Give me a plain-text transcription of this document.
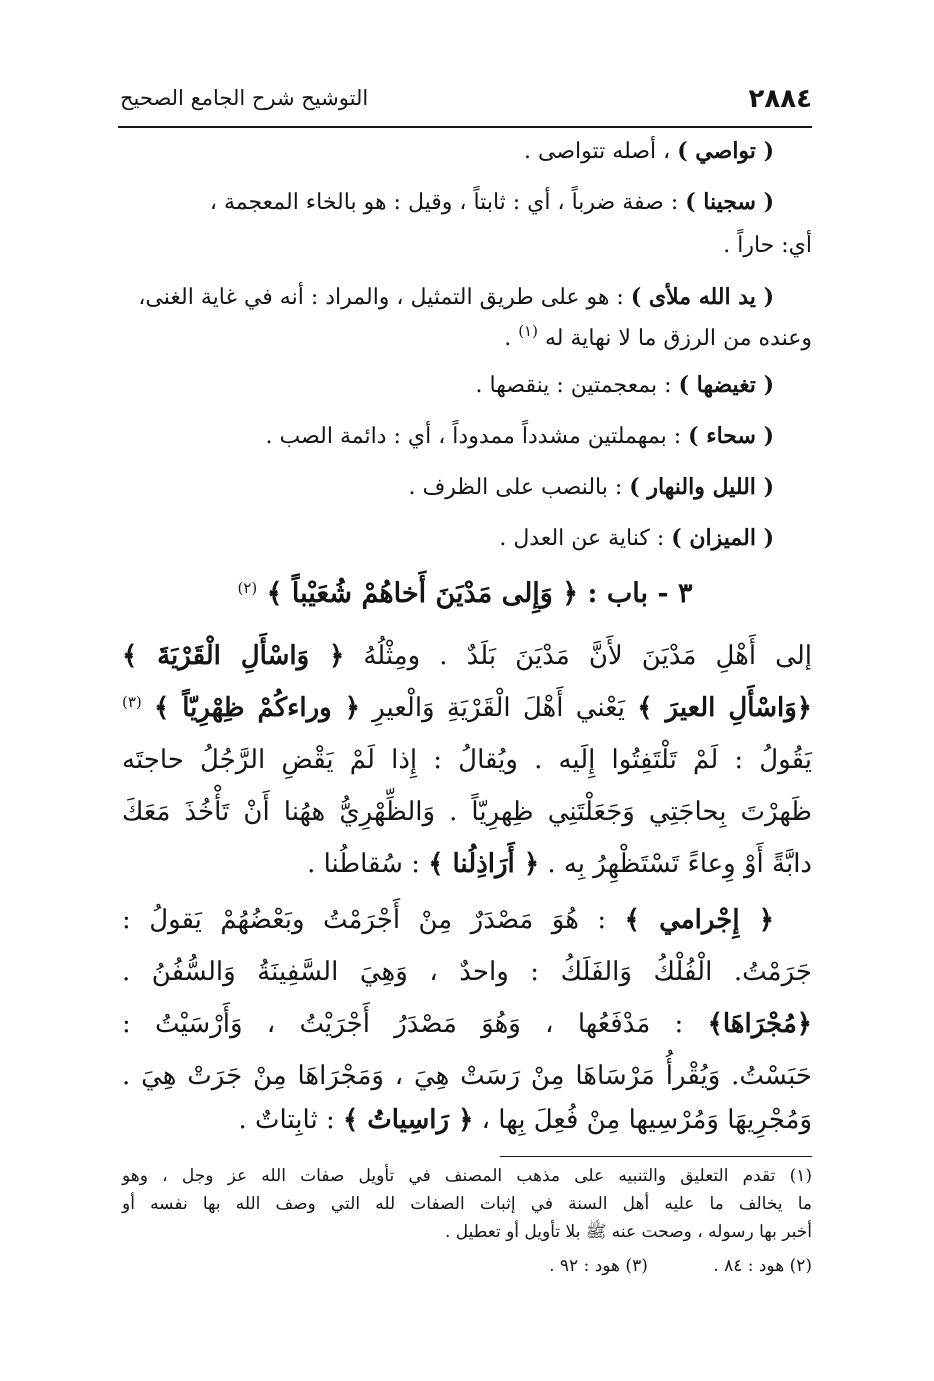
٢٨٨٤
التوشيح شرح الجامع الصحيح

( تواصي ) ، أصله تتواصى .

( سجينا ) : صفة ضرباً ، أي : ثابتاً ، وقيل : هو بالخاء المعجمة ،

أي: حاراً .

( يد الله ملأى ) : هو على طريق التمثيل ، والمراد : أنه في غاية الغنى،

وعنده من الرزق ما لا نهاية له $^{(١)}$ .

( تغيضها ) : بمعجمتين : ينقصها .

( سحاء ) : بمهملتين مشدداً ممدوداً ، أي : دائمة الصب .

( الليل والنهار ) : بالنصب على الظرف .

( الميزان ) : كناية عن العدل .

٣ - باب : ﴿ وَإِلى مَدْيَنَ أَخاهُمْ شُعَيْباً ﴾ $^{(٢)}$

إلى أَهْلِ مَدْيَنَ لأَنَّ مَدْيَنَ بَلَدٌ . ومِثْلُهُ ﴿ وَاسْأَلِ الْقَرْيَةَ ﴾

﴿وَاسْأَلِ العيرَ ﴾ يَعْني أَهْلَ الْقَرْيَةِ وَالْعيرِ ﴿ وراءكُمْ ظِهْرِيّاً ﴾ $^{(٣)}$

يَقُولُ : لَمْ تَلْتَفِتُوا إِلَيه . ويُقالُ : إِذا لَمْ يَقْضِ الرَّجُلُ حاجتَه

ظَهرْتَ بِحاجَتِي وَجَعَلْتَنِي ظِهرِيّاً . وَالظِّهْرِيُّ ههُنا أَنْ تَأْخُذَ مَعَكَ

دابَّةً أَوْ وِعاءً تَسْتَظْهِرُ بِه . ﴿ أَرَاذِلُنا ﴾ : سُقاطُنا .

﴿ إِجْرامي ﴾ : هُوَ مَصْدَرٌ مِنْ أَجْرَمْتُ وبَعْضُهُمْ يَقولُ :

جَرَمْتُ. الْفُلْكُ وَالفَلَكُ : واحدٌ ، وَهِيَ السَّفِينَةُ وَالسُّفُنُ .

﴿مُجْرَاهَا﴾ : مَدْفَعُها ، وَهُوَ مَصْدَرُ أَجْرَيْتُ ، وَأَرْسَيْتُ :

حَبَسْتُ. وَيُقْرأُ مَرْسَاهَا مِنْ رَسَتْ هِيَ ، وَمَجْرَاهَا مِنْ جَرَتْ هِيَ .

وَمُجْرِيهَا وَمُرْسِيها مِنْ فُعِلَ بِها ، ﴿ رَاسِياتُ ﴾ : ثابِتاتٌ .

(١) تقدم التعليق والتنبيه على مذهب المصنف في تأويل صفات الله عز وجل ، وهو

ما يخالف ما عليه أهل السنة في إثبات الصفات لله التي وصف الله بها نفسه أو

أخبر بها رسوله ، وصحت عنه ﷺ بلا تأويل أو تعطيل .

(٢) هود : ٨٤ . (٣) هود : ٩٢ .
